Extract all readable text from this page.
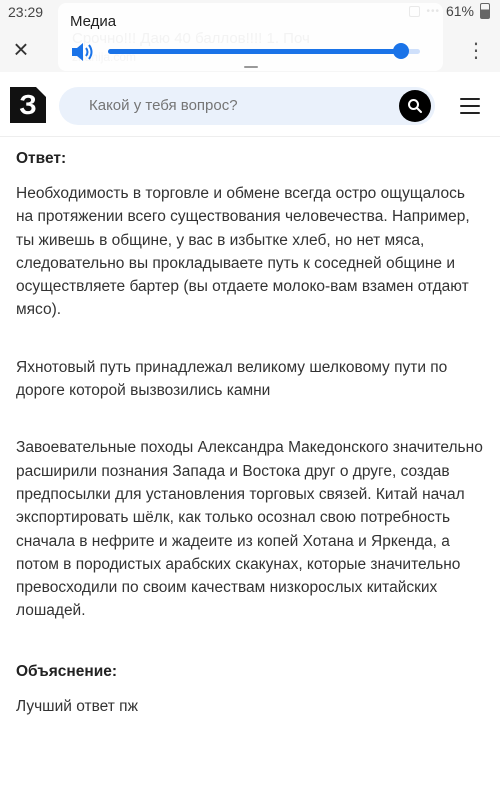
23:29	61%
×	⋮
Медиа
З
Какой у тебя вопрос?

Ответ:

Необходимость в торговле и обмене всегда остро ощущалось на протяжении всего существования человечества. Например, ты живешь в общине, у вас в избытке хлеб, но нет мяса, следовательно вы прокладываете путь к соседней общине и осуществляете бартер (вы отдаете молоко-вам взамен отдают мясо).

Яхнотовый путь принадлежал великому шелковому пути по дороге которой вызвозились камни

Завоевательные походы Александра Македонского значительно расширили познания Запада и Востока друг о друге, создав предпосылки для установления торговых связей. Китай начал экспортировать шёлк, как только осознал свою потребность сначала в нефрите и жадеите из копей Хотана и Яркенда, а потом в породистых арабских скакунах, которые значительно превосходили по своим качествам низкорослых китайских лошадей.

Объяснение:

Лучший ответ пж
